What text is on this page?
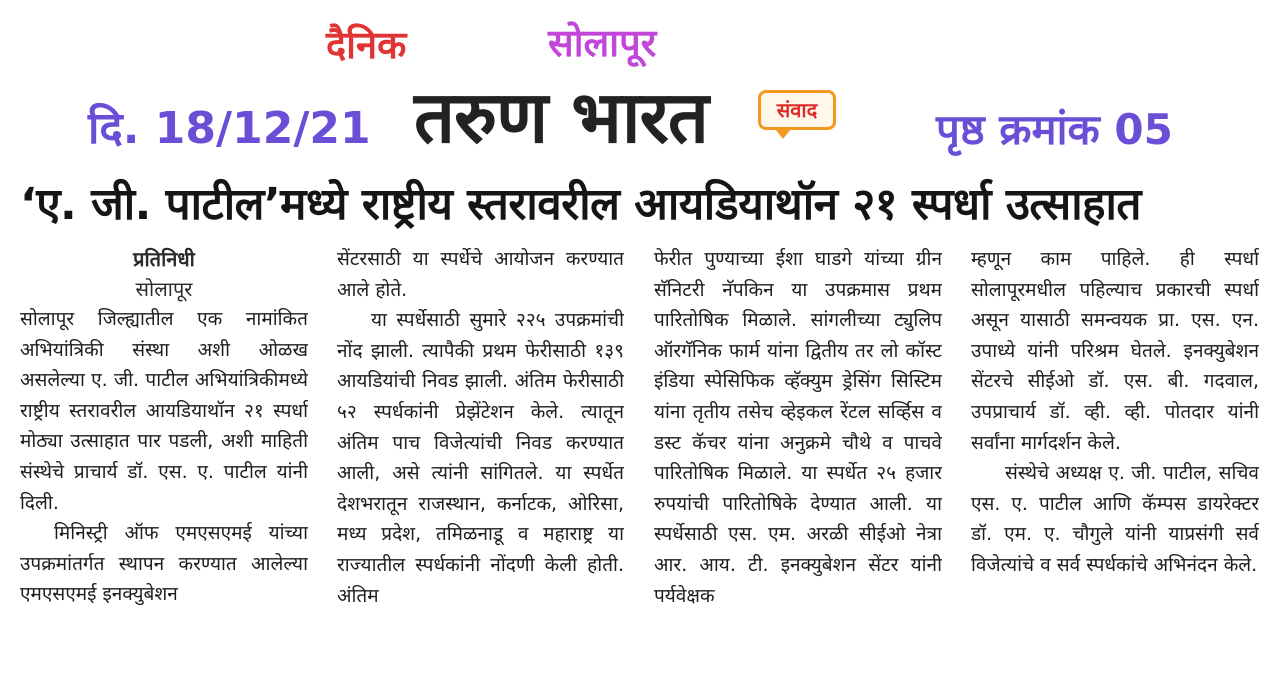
दैनिक	सोलापूर
दि. 18/12/21 तरुण भारत	संवाद	पृष्ठ क्रमांक 05
‘ए. जी. पाटील’मध्ये राष्ट्रीय स्तरावरील आयडियाथॉन २१ स्पर्धा उत्साहात
प्रतिनिधी
सोलापूर

सोलापूर जिल्ह्यातील एक नामांकित अभियांत्रिकी संस्था अशी ओळख असलेल्या ए. जी. पाटील अभियांत्रिकीमध्ये राष्ट्रीय स्तरावरील आयडियाथॉन २१ स्पर्धा मोठ्या उत्साहात पार पडली, अशी माहिती संस्थेचे प्राचार्य डॉ. एस. ए. पाटील यांनी दिली.

मिनिस्ट्री ऑफ एमएसएमई यांच्या उपक्रमांतर्गत स्थापन करण्यात आलेल्या एमएसएमई इनक्युबेशन

सेंटरसाठी या स्पर्धेचे आयोजन करण्यात आले होते.

या स्पर्धेसाठी सुमारे २२५ उपक्रमांची नोंद झाली. त्यापैकी प्रथम फेरीसाठी १३९ आयडियांची निवड झाली. अंतिम फेरीसाठी ५२ स्पर्धकांनी प्रेझेंटेशन केले. त्यातून अंतिम पाच विजेत्यांची निवड करण्यात आली, असे त्यांनी सांगितले. या स्पर्धेत देशभरातून राजस्थान, कर्नाटक, ओरिसा, मध्य प्रदेश, तमिळनाडू व महाराष्ट्र या राज्यातील स्पर्धकांनी नोंदणी केली होती. अंतिम

फेरीत पुण्याच्या ईशा घाडगे यांच्या ग्रीन सॅनिटरी नॅपकिन या उपक्रमास प्रथम पारितोषिक मिळाले. सांगलीच्या ट्युलिप ऑरगॅनिक फार्म यांना द्वितीय तर लो कॉस्ट इंडिया स्पेसिफिक व्हॅक्युम ड्रेसिंग सिस्टिम यांना तृतीय तसेच व्हेइकल रेंटल सर्व्हिस व डस्ट कॅचर यांना अनुक्रमे चौथे व पाचवे पारितोषिक मिळाले. या स्पर्धेत २५ हजार रुपयांची पारितोषिके देण्यात आली. या स्पर्धेसाठी एस. एम. अरळी सीईओ नेत्रा आर. आय. टी. इनक्युबेशन सेंटर यांनी पर्यवेक्षक

म्हणून काम पाहिले. ही स्पर्धा सोलापूरमधील पहिल्याच प्रकारची स्पर्धा असून यासाठी समन्वयक प्रा. एस. एन. उपाध्ये यांनी परिश्रम घेतले. इनक्युबेशन सेंटरचे सीईओ डॉ. एस. बी. गदवाल, उपप्राचार्य डॉ. व्ही. व्ही. पोतदार यांनी सर्वांना मार्गदर्शन केले.

संस्थेचे अध्यक्ष ए. जी. पाटील, सचिव एस. ए. पाटील आणि कॅम्पस डायरेक्टर डॉ. एम. ए. चौगुले यांनी याप्रसंगी सर्व विजेत्यांचे व सर्व स्पर्धकांचे अभिनंदन केले.
